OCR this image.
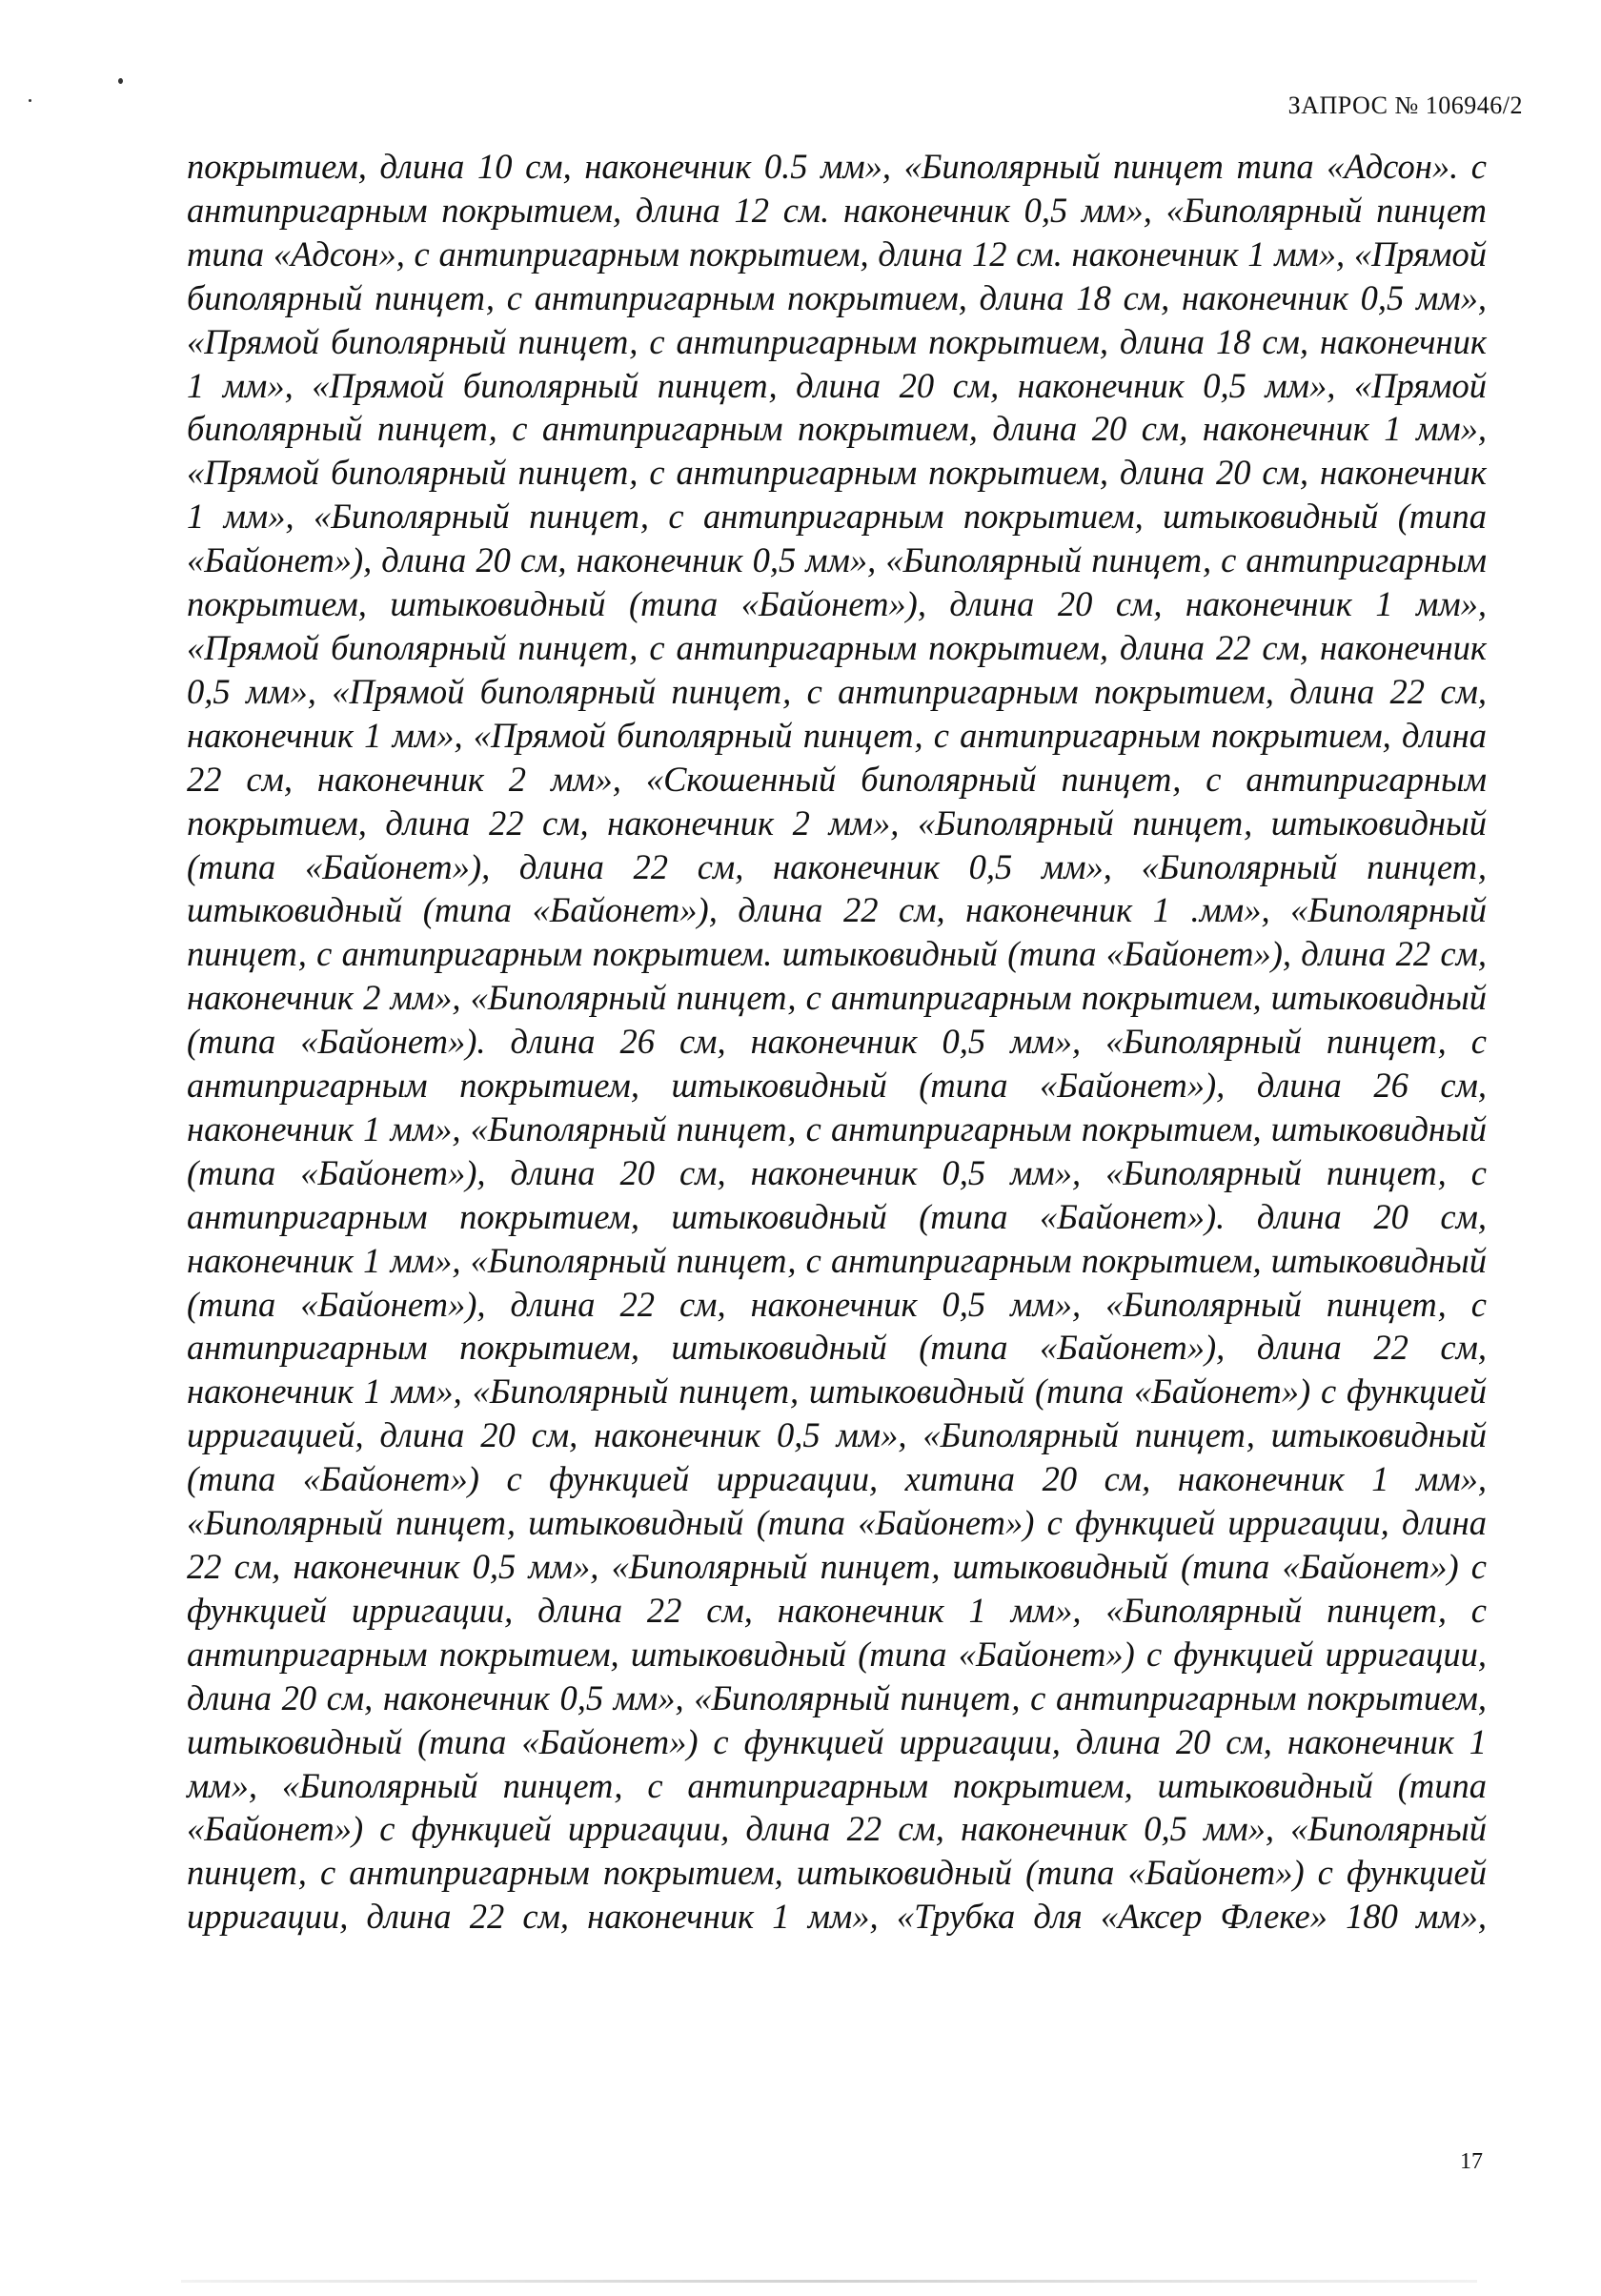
ЗАПРОС № 106946/2

покрытием, длина 10 см, наконечник 0.5 мм», «Биполярный пинцет типа «Адсон». с антипригарным покрытием, длина 12 см. наконечник 0,5 мм», «Биполярный пинцет типа «Адсон», с антипригарным покрытием, длина 12 см. наконечник 1 мм», «Прямой биполярный пинцет, с антипригарным покрытием, длина 18 см, наконечник 0,5 мм», «Прямой биполярный пинцет, с антипригарным покрытием, длина 18 см, наконечник 1 мм», «Прямой биполярный пинцет, длина 20 см, наконечник 0,5 мм», «Прямой биполярный пинцет, с антипригарным покрытием, длина 20 см, наконечник 1 мм», «Прямой биполярный пинцет, с антипригарным покрытием, длина 20 см, наконечник 1 мм», «Биполярный пинцет, с антипригарным покрытием, штыковидный (типа «Байонет»), длина 20 см, наконечник 0,5 мм», «Биполярный пинцет, с антипригарным покрытием, штыковидный (типа «Байонет»), длина 20 см, наконечник 1 мм», «Прямой биполярный пинцет, с антипригарным покрытием, длина 22 см, наконечник 0,5 мм», «Прямой биполярный пинцет, с антипригарным покрытием, длина 22 см, наконечник 1 мм», «Прямой биполярный пинцет, с антипригарным покрытием, длина 22 см, наконечник 2 мм», «Скошенный биполярный пинцет, с антипригарным покрытием, длина 22 см, наконечник 2 мм», «Биполярный пинцет, штыковидный (типа «Байонет»), длина 22 см, наконечник 0,5 мм», «Биполярный пинцет, штыковидный (типа «Байонет»), длина 22 см, наконечник 1 .мм», «Биполярный пинцет, с антипригарным покрытием. штыковидный (типа «Байонет»), длина 22 см, наконечник 2 мм», «Биполярный пинцет, с антипригарным покрытием, штыковидный (типа «Байонет»). длина 26 см, наконечник 0,5 мм», «Биполярный пинцет, с антипригарным покрытием, штыковидный (типа «Байонет»), длина 26 см, наконечник 1 мм», «Биполярный пинцет, с антипригарным покрытием, штыковидный (типа «Байонет»), длина 20 см, наконечник 0,5 мм», «Биполярный пинцет, с антипригарным покрытием, штыковидный (типа «Байонет»). длина 20 см, наконечник 1 мм», «Биполярный пинцет, с антипригарным покрытием, штыковидный (типа «Байонет»), длина 22 см, наконечник 0,5 мм», «Биполярный пинцет, с антипригарным покрытием, штыковидный (типа «Байонет»), длина 22 см, наконечник 1 мм», «Биполярный пинцет, штыковидный (типа «Байонет») с функцией ирригацией, длина 20 см, наконечник 0,5 мм», «Биполярный пинцет, штыковидный (типа «Байонет») с функцией ирригации, хитина 20 см, наконечник 1 мм», «Биполярный пинцет, штыковидный (типа «Байонет») с функцией ирригации, длина 22 см, наконечник 0,5 мм», «Биполярный пинцет, штыковидный (типа «Байонет») с функцией ирригации, длина 22 см, наконечник 1 мм», «Биполярный пинцет, с антипригарным покрытием, штыковидный (типа «Байонет») с функцией ирригации, длина 20 см, наконечник 0,5 мм», «Биполярный пинцет, с антипригарным покрытием, штыковидный (типа «Байонет») с функцией ирригации, длина 20 см, наконечник 1 мм», «Биполярный пинцет, с антипригарным покрытием, штыковидный (типа «Байонет») с функцией ирригации, длина 22 см, наконечник 0,5 мм», «Биполярный пинцет, с антипригарным покрытием, штыковидный (типа «Байонет») с функцией ирригации, длина 22 см, наконечник 1 мм», «Трубка для «Аксер Флеке» 180 мм»,

17
